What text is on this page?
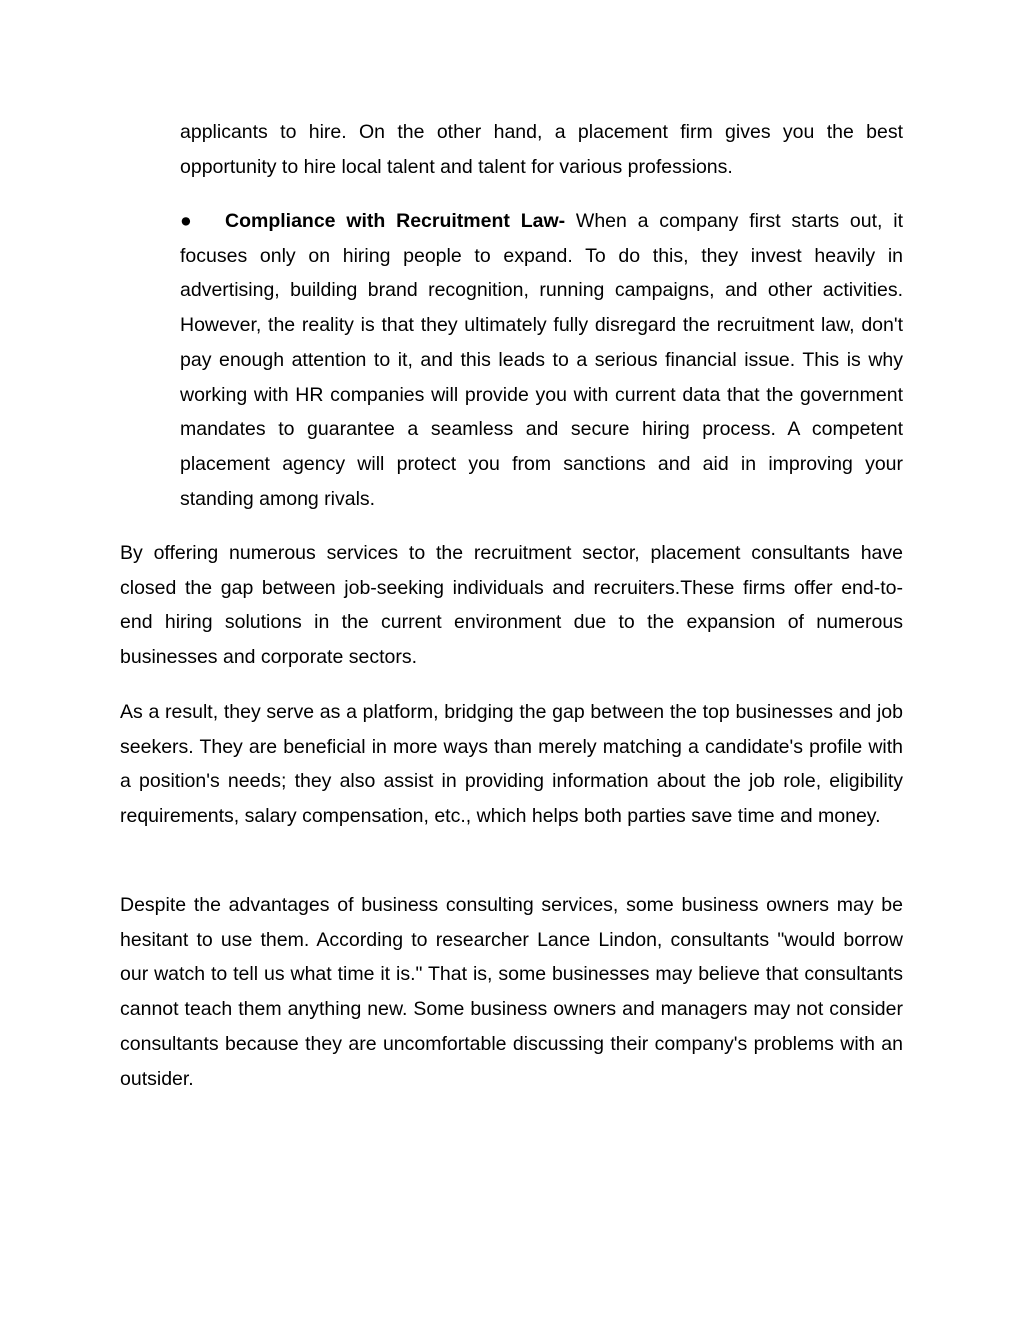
applicants to hire. On the other hand, a placement firm gives you the best opportunity to hire local talent and talent for various professions.

● Compliance with Recruitment Law- When a company first starts out, it focuses only on hiring people to expand. To do this, they invest heavily in advertising, building brand recognition, running campaigns, and other activities. However, the reality is that they ultimately fully disregard the recruitment law, don't pay enough attention to it, and this leads to a serious financial issue. This is why working with HR companies will provide you with current data that the government mandates to guarantee a seamless and secure hiring process. A competent placement agency will protect you from sanctions and aid in improving your standing among rivals.

By offering numerous services to the recruitment sector, placement consultants have closed the gap between job-seeking individuals and recruiters.These firms offer end-to-end hiring solutions in the current environment due to the expansion of numerous businesses and corporate sectors.

As a result, they serve as a platform, bridging the gap between the top businesses and job seekers. They are beneficial in more ways than merely matching a candidate's profile with a position's needs; they also assist in providing information about the job role, eligibility requirements, salary compensation, etc., which helps both parties save time and money.

Despite the advantages of business consulting services, some business owners may be hesitant to use them. According to researcher Lance Lindon, consultants "would borrow our watch to tell us what time it is." That is, some businesses may believe that consultants cannot teach them anything new. Some business owners and managers may not consider consultants because they are uncomfortable discussing their company's problems with an outsider.
